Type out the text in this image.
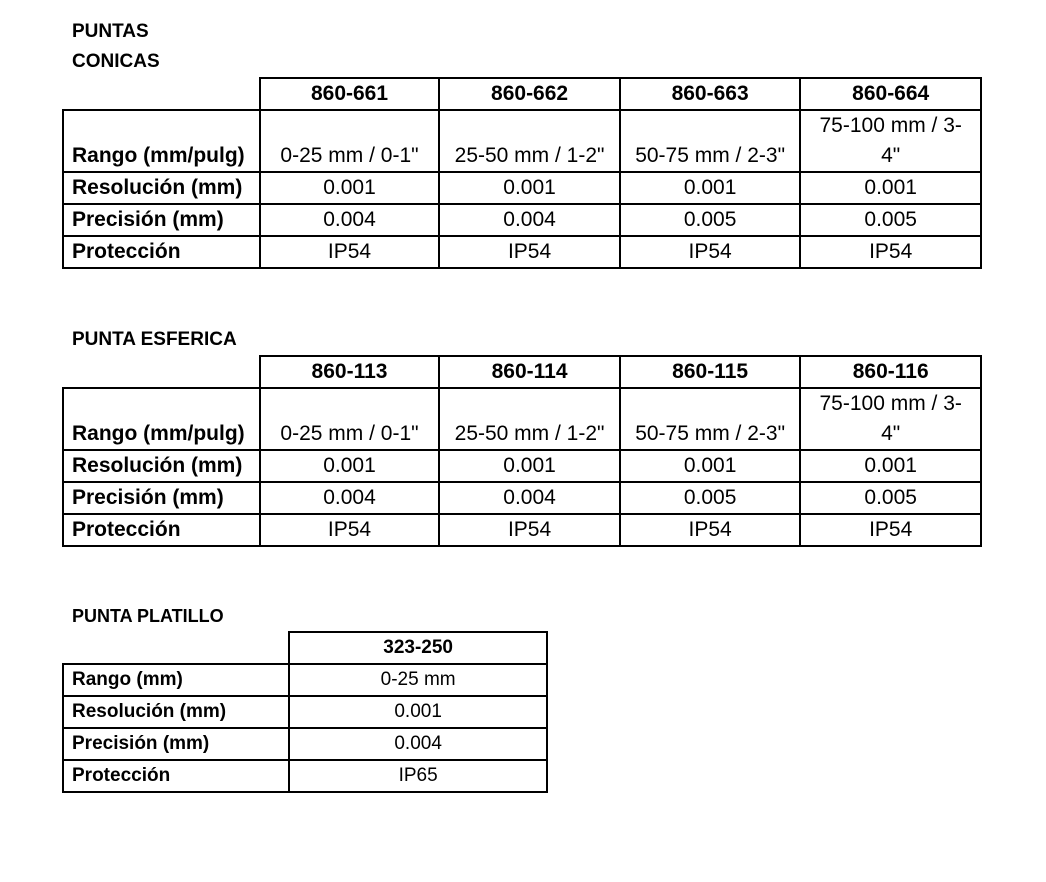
PUNTAS
CONICAS
	860-661	860-662	860-663	860-664
Rango (mm/pulg)	0-25 mm / 0-1"	25-50 mm / 1-2"	50-75 mm / 2-3"	75-100 mm / 3-4"
Resolución (mm)	0.001	0.001	0.001	0.001
Precisión (mm)	0.004	0.004	0.005	0.005
Protección	IP54	IP54	IP54	IP54
PUNTA ESFERICA
	860-113	860-114	860-115	860-116
Rango (mm/pulg)	0-25 mm / 0-1"	25-50 mm / 1-2"	50-75 mm / 2-3"	75-100 mm / 3-4"
Resolución (mm)	0.001	0.001	0.001	0.001
Precisión (mm)	0.004	0.004	0.005	0.005
Protección	IP54	IP54	IP54	IP54
PUNTA PLATILLO
	323-250
Rango (mm)	0-25 mm
Resolución (mm)	0.001
Precisión (mm)	0.004
Protección	IP65
